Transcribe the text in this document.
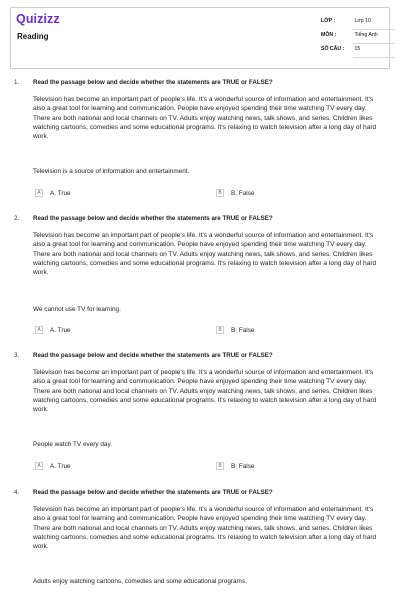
Quizizz
Reading
LỚP :	Lớp 10
MÔN :	Tiếng Anh
SỐ CÂU : 15
1. Read the passage below and decide whether the statements are TRUE or FALSE?
Television has become an important part of people's life. It's a wonderful source of information and entertainment. It's also a great tool for learning and communication. People have enjoyed spending their time watching TV every day. There are both national and local channels on TV. Adults enjoy watching news, talk shows, and series. Children likes watching cartoons, comedies and some educational programs. It's relaxing to watch television after a long day of hard work.
Television is a source of information and entertainment.
A	A. True	B	B. False
2. Read the passage below and decide whether the statements are TRUE or FALSE?
Television has become an important part of people's life. It's a wonderful source of information and entertainment. It's also a great tool for learning and communication. People have enjoyed spending their time watching TV every day. There are both national and local channels on TV. Adults enjoy watching news, talk shows, and series. Children likes watching cartoons, comedies and some educational programs. It's relaxing to watch television after a long day of hard work.
We cannot use TV for learning.
A	A. True	B	B. False
3. Read the passage below and decide whether the statements are TRUE or FALSE?
Television has become an important part of people's life. It's a wonderful source of information and entertainment. It's also a great tool for learning and communication. People have enjoyed spending their time watching TV every day. There are both national and local channels on TV. Adults enjoy watching news, talk shows, and series. Children likes watching cartoons, comedies and some educational programs. It's relaxing to watch television after a long day of hard work.
People watch TV every day.
A	A. True	B	B. False
4. Read the passage below and decide whether the statements are TRUE or FALSE?
Television has become an important part of people's life. It's a wonderful source of information and entertainment. It's also a great tool for learning and communication. People have enjoyed spending their time watching TV every day. There are both national and local channels on TV. Adults enjoy watching news, talk shows, and series. Children likes watching cartoons, comedies and some educational programs. It's relaxing to watch television after a long day of hard work.
Adults enjoy watching cartoons, comedies and some educational programs.
